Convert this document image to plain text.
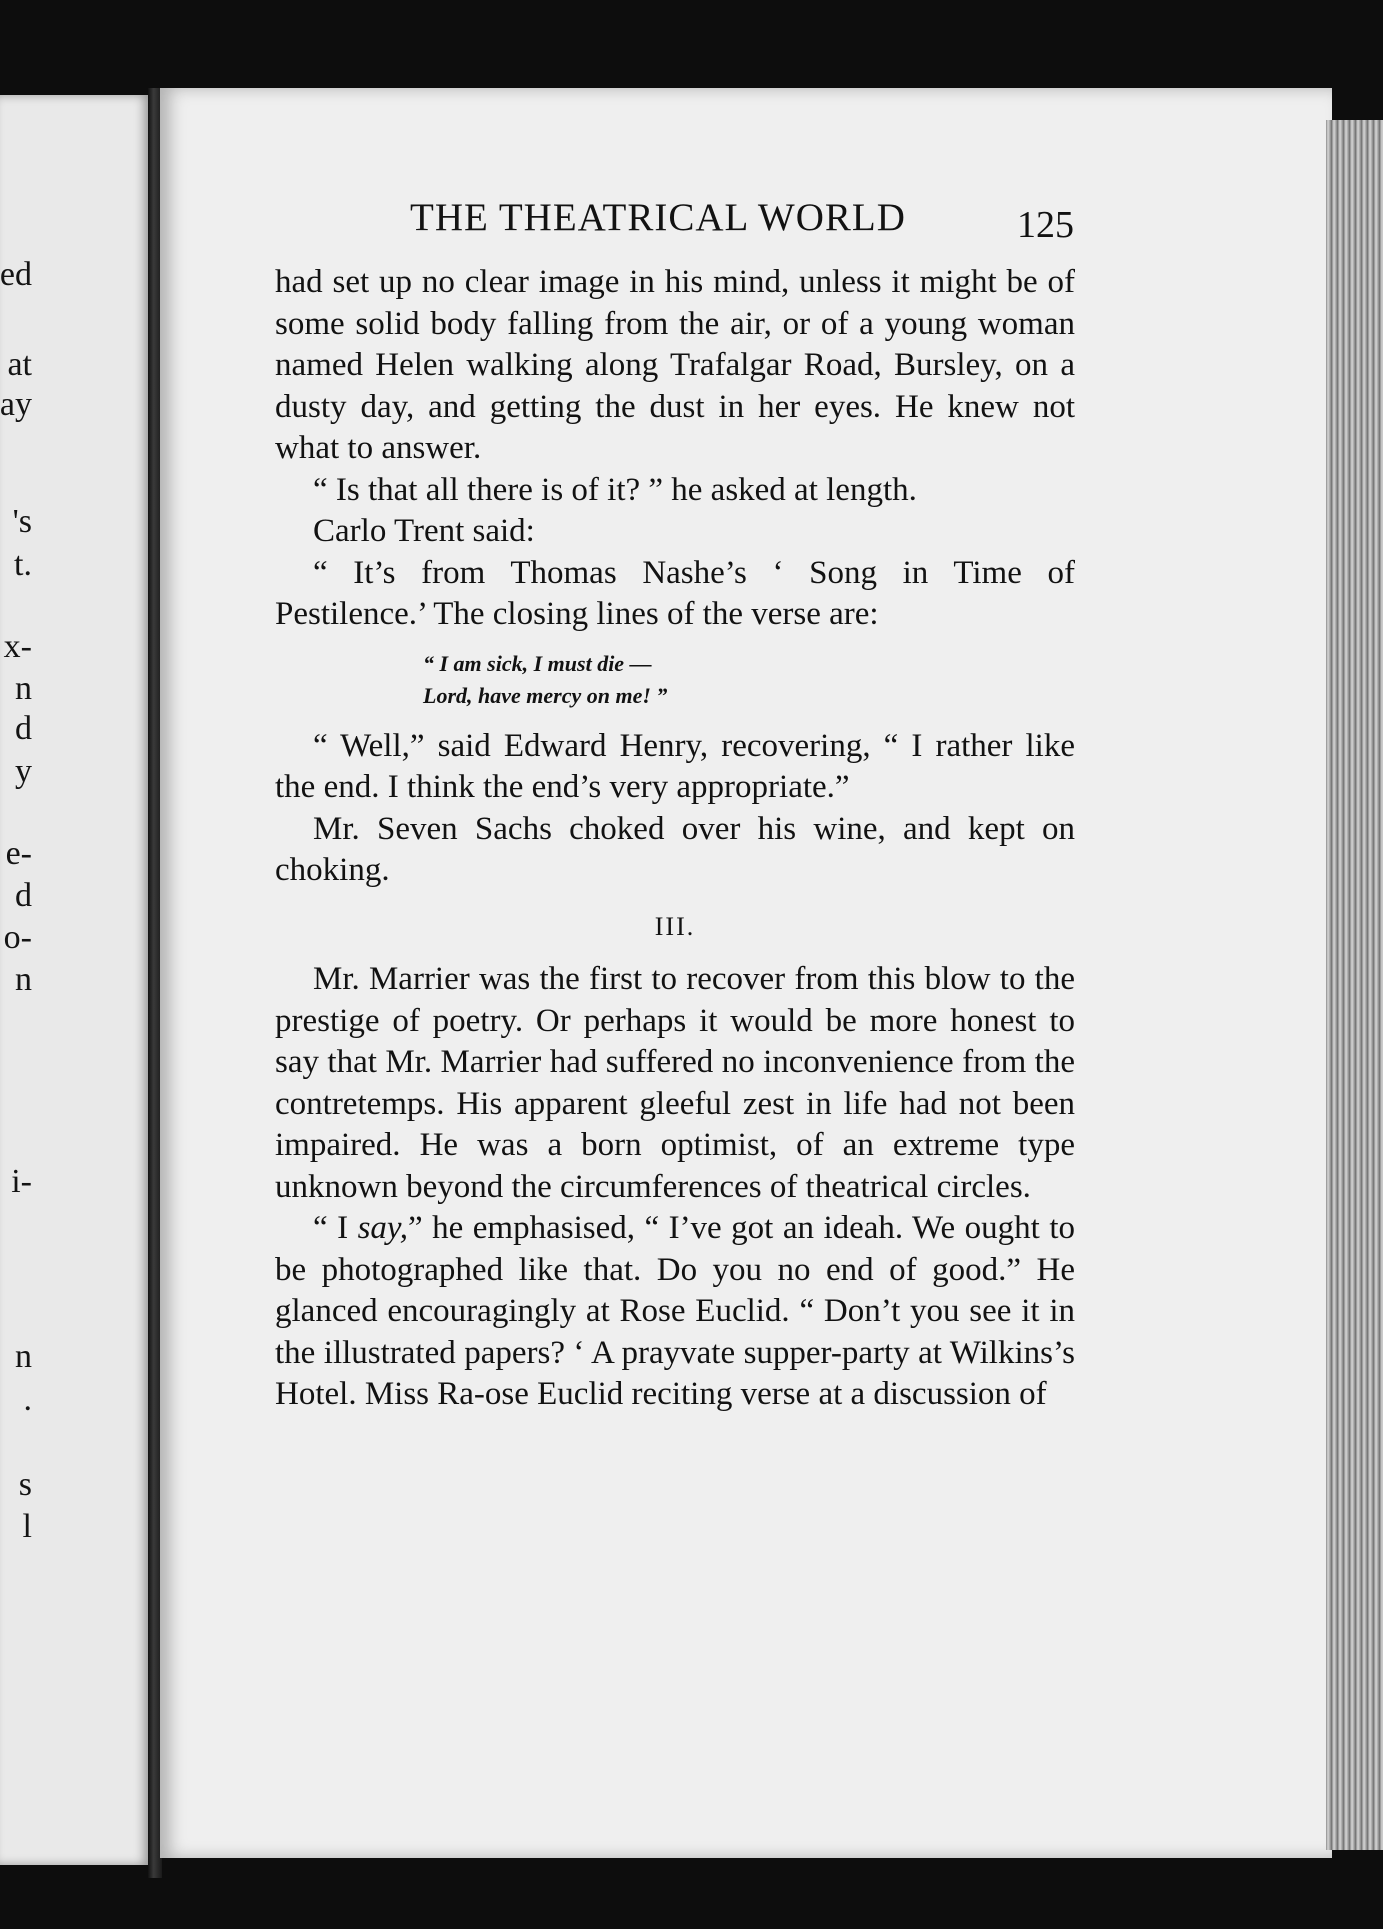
ed
at
ay
's
t.
x-
n
d
y
e-
d
o-
n
i-
n
.
s
l
THE THEATRICAL WORLD	125

had set up no clear image in his mind, unless it might be of some solid body falling from the air, or of a young woman named Helen walking along Trafalgar Road, Bursley, on a dusty day, and getting the dust in her eyes. He knew not what to answer.

“ Is that all there is of it? ” he asked at length.

Carlo Trent said:

“ It’s from Thomas Nashe’s ‘ Song in Time of Pestilence.’ The closing lines of the verse are:

“ I am sick, I must die —
Lord, have mercy on me! ”

“ Well,” said Edward Henry, recovering, “ I rather like the end. I think the end’s very appropriate.”

Mr. Seven Sachs choked over his wine, and kept on choking.

III.

Mr. Marrier was the first to recover from this blow to the prestige of poetry. Or perhaps it would be more honest to say that Mr. Marrier had suffered no inconvenience from the contretemps. His apparent gleeful zest in life had not been impaired. He was a born optimist, of an extreme type unknown beyond the circumferences of theatrical circles.

“ I say,” he emphasised, “ I’ve got an ideah. We ought to be photographed like that. Do you no end of good.” He glanced encouragingly at Rose Euclid. “ Don’t you see it in the illustrated papers? ‘ A prayvate supper-party at Wilkins’s Hotel. Miss Ra-ose Euclid reciting verse at a discussion of
